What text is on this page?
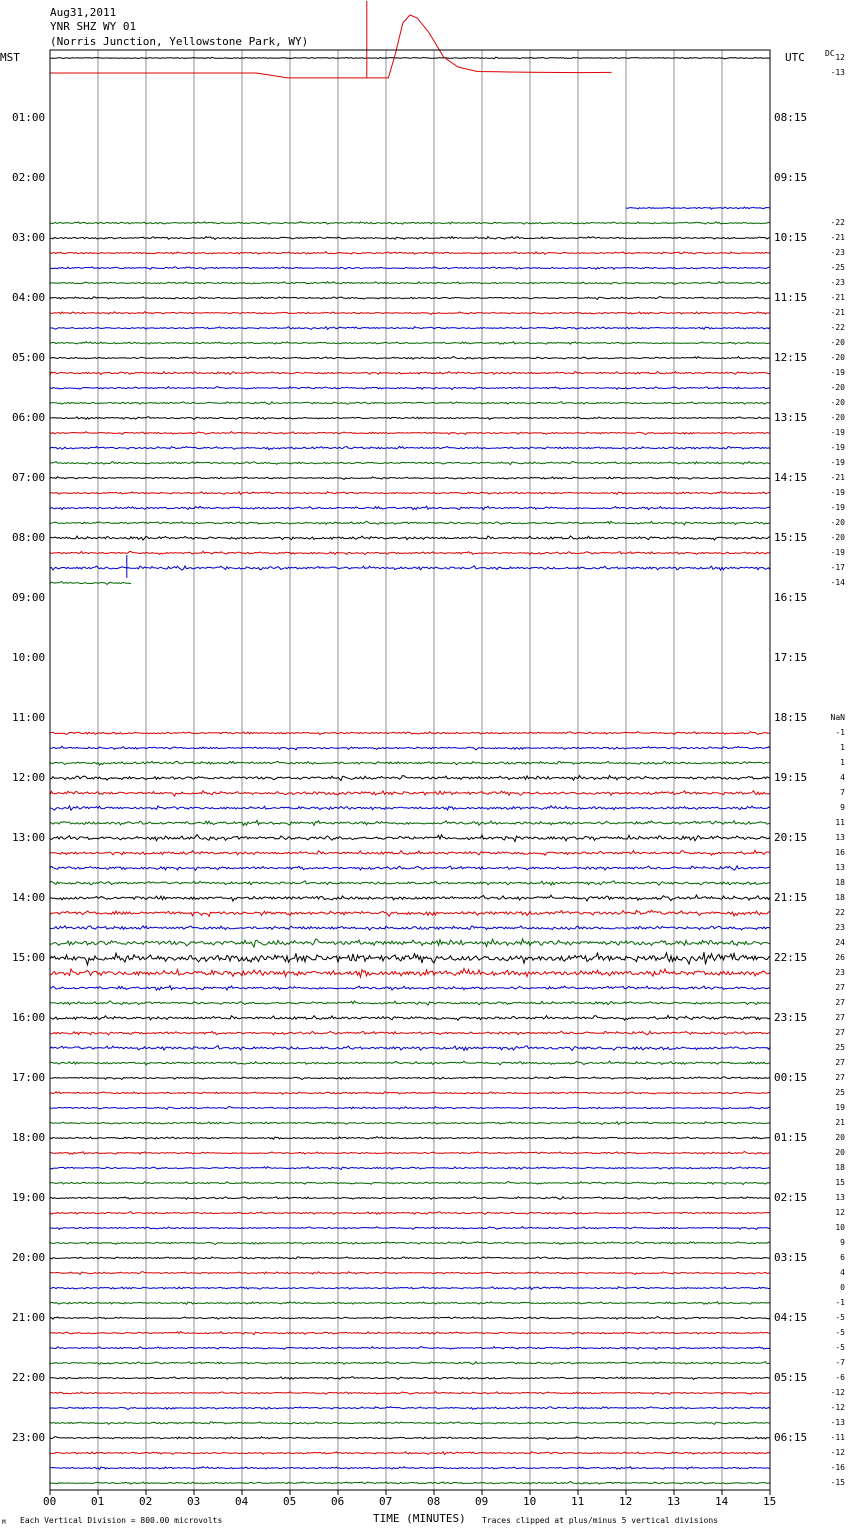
Aug31,2011
YNR SHZ WY 01
(Norris Junction, Yellowstone Park, WY)
MST	UTC	DC
00	01	02	03	04	05	06	07	08	09	10	11	12	13	14	15
01:00
02:00
03:00
04:00
05:00
06:00
07:00
08:00
09:00
10:00
11:00
12:00
13:00
14:00
15:00
16:00
17:00
18:00
19:00
20:00
21:00
22:00
23:00
08:15
09:15
10:15
11:15
12:15
13:15
14:15
15:15
16:15
17:15
18:15
19:15
20:15
21:15
22:15
23:15
00:15
01:15
02:15
03:15
04:15
05:15
06:15
12
-13
-22
-21
-23
-25
-23
-21
-21
-22
-20
-20
-19
-20
-20
-20
-19
-19
-19
-21
-19
-19
-20
-20
-19
-17
-14
NaN
-1
1
1
4
7
9
11
13
16
13
18
18
22
23
24
26
23
27
27
27
27
25
27
27
25
19
21
20
20
18
15
13
12
10
9
6
4
0
-1
-5
-5
-5
-7
-6
-12
-12
-13
-11
-12
-16
-15
TIME (MINUTES)
Each Vertical Division = 800.00 microvolts	Traces clipped at plus/minus 5 vertical divisions
M
